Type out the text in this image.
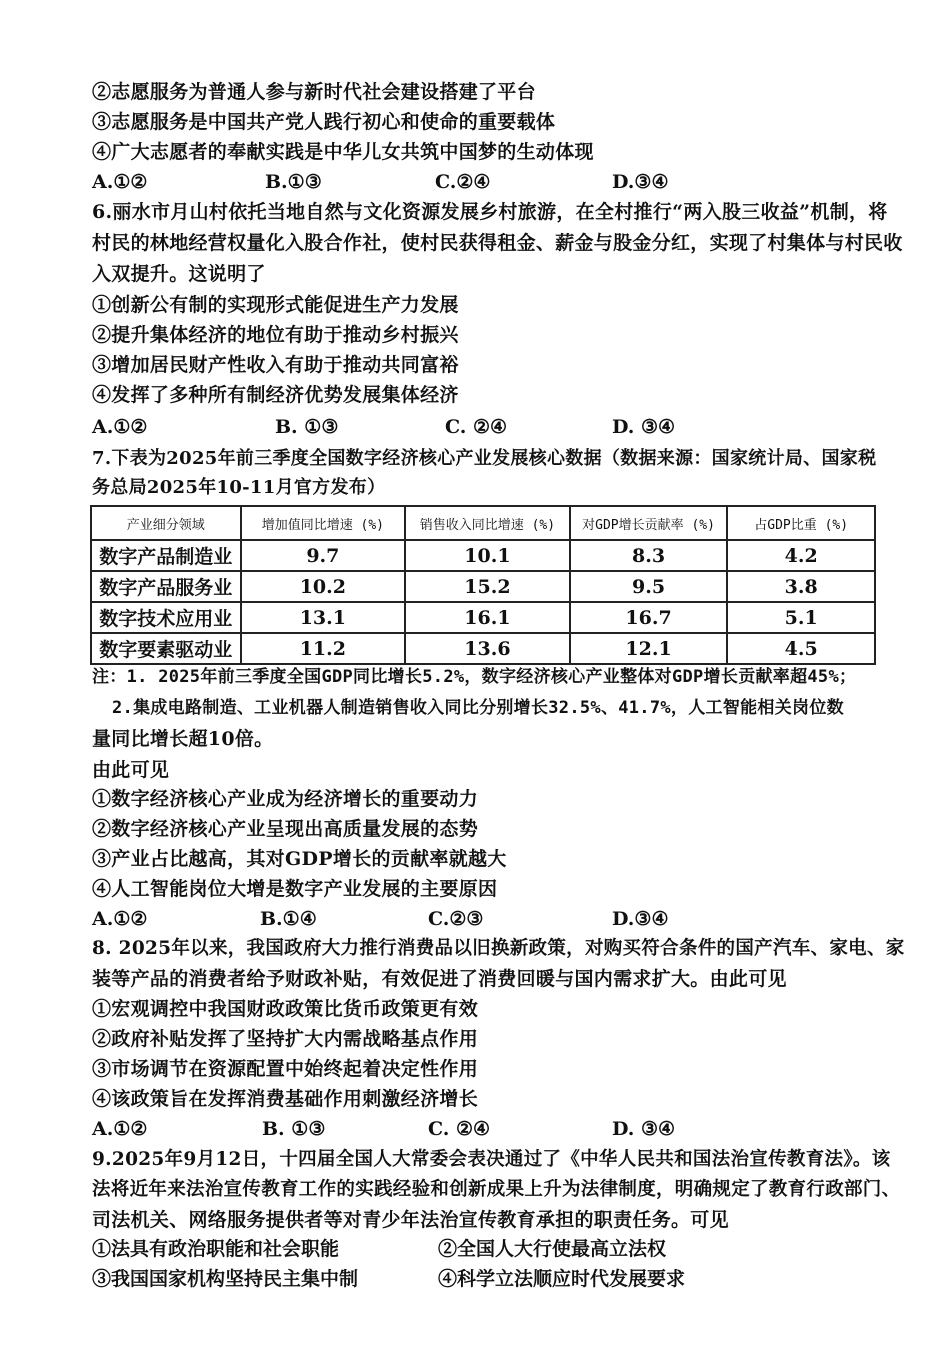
②志愿服务为普通人参与新时代社会建设搭建了平台
③志愿服务是中国共产党人践行初心和使命的重要载体
④广大志愿者的奉献实践是中华儿女共筑中国梦的生动体现
A.①②	B.①③	C.②④	D.③④
6.丽水市月山村依托当地自然与文化资源发展乡村旅游，在全村推行“两入股三收益”机制，将
村民的林地经营权量化入股合作社，使村民获得租金、薪金与股金分红，实现了村集体与村民收
入双提升。这说明了
①创新公有制的实现形式能促进生产力发展
②提升集体经济的地位有助于推动乡村振兴
③增加居民财产性收入有助于推动共同富裕
④发挥了多种所有制经济优势发展集体经济
A.①②	B. ①③	C. ②④	D. ③④
7.下表为2025年前三季度全国数字经济核心产业发展核心数据（数据来源：国家统计局、国家税
务总局2025年10-11月官方发布）
产业细分领域	增加值同比增速 (%)	销售收入同比增速 (%)	对GDP增长贡献率 (%)	占GDP比重 (%)
数字产品制造业	9.7	10.1	8.3	4.2
数字产品服务业	10.2	15.2	9.5	3.8
数字技术应用业	13.1	16.1	16.7	5.1
数字要素驱动业	11.2	13.6	12.1	4.5
注：1. 2025年前三季度全国GDP同比增长5.2%，数字经济核心产业整体对GDP增长贡献率超45%；
2.集成电路制造、工业机器人制造销售收入同比分别增长32.5%、41.7%，人工智能相关岗位数
量同比增长超10倍。
由此可见
①数字经济核心产业成为经济增长的重要动力
②数字经济核心产业呈现出高质量发展的态势
③产业占比越高，其对GDP增长的贡献率就越大
④人工智能岗位大增是数字产业发展的主要原因
A.①②	B.①④	C.②③	D.③④
8. 2025年以来，我国政府大力推行消费品以旧换新政策，对购买符合条件的国产汽车、家电、家
装等产品的消费者给予财政补贴，有效促进了消费回暖与国内需求扩大。由此可见
①宏观调控中我国财政政策比货币政策更有效
②政府补贴发挥了坚持扩大内需战略基点作用
③市场调节在资源配置中始终起着决定性作用
④该政策旨在发挥消费基础作用刺激经济增长
A.①②	B. ①③	C. ②④	D. ③④
9.2025年9月12日，十四届全国人大常委会表决通过了《中华人民共和国法治宣传教育法》。该
法将近年来法治宣传教育工作的实践经验和创新成果上升为法律制度，明确规定了教育行政部门、
司法机关、网络服务提供者等对青少年法治宣传教育承担的职责任务。可见
①法具有政治职能和社会职能	②全国人大行使最高立法权
③我国国家机构坚持民主集中制	④科学立法顺应时代发展要求
